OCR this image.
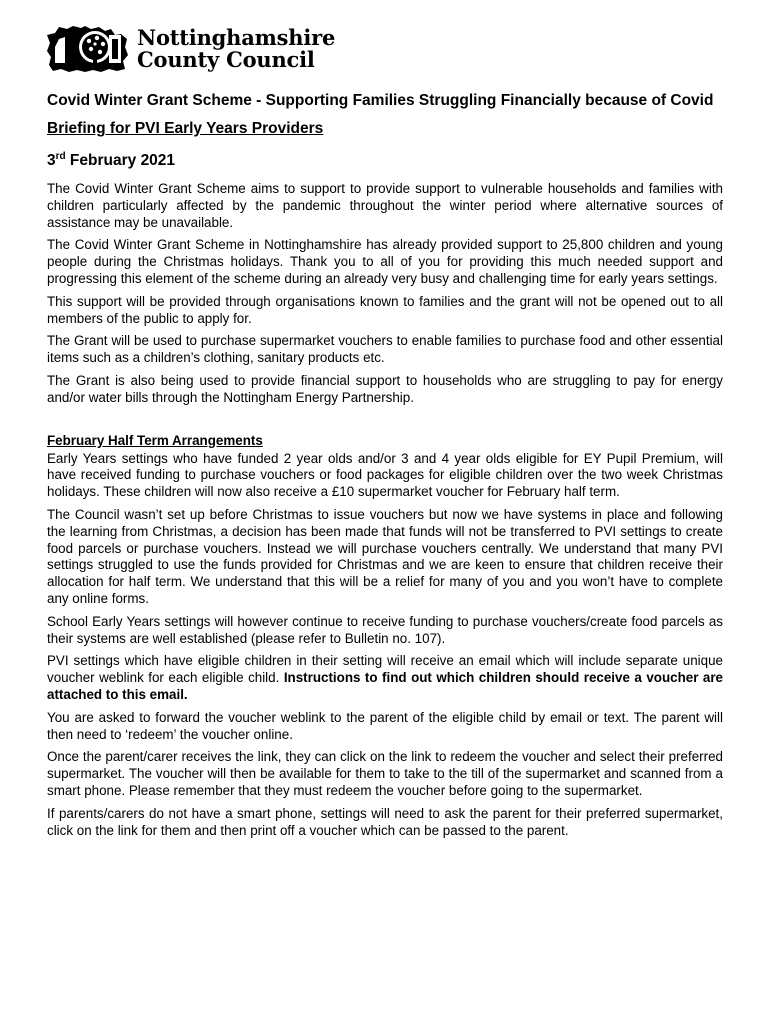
Nottinghamshire
County Council
Covid Winter Grant Scheme - Supporting Families Struggling Financially because of Covid
Briefing for PVI Early Years Providers
3rd February 2021

The Covid Winter Grant Scheme aims to support to provide support to vulnerable households and families with children particularly affected by the pandemic throughout the winter period where alternative sources of assistance may be unavailable.

The Covid Winter Grant Scheme in Nottinghamshire has already provided support to 25,800 children and young people during the Christmas holidays. Thank you to all of you for providing this much needed support and progressing this element of the scheme during an already very busy and challenging time for early years settings.

This support will be provided through organisations known to families and the grant will not be opened out to all members of the public to apply for.

The Grant will be used to purchase supermarket vouchers to enable families to purchase food and other essential items such as a children’s clothing, sanitary products etc.

The Grant is also being used to provide financial support to households who are struggling to pay for energy and/or water bills through the Nottingham Energy Partnership.

February Half Term Arrangements

Early Years settings who have funded 2 year olds and/or 3 and 4 year olds eligible for EY Pupil Premium, will have received funding to purchase vouchers or food packages for eligible children over the two week Christmas holidays. These children will now also receive a £10 supermarket voucher for February half term.

The Council wasn’t set up before Christmas to issue vouchers but now we have systems in place and following the learning from Christmas, a decision has been made that funds will not be transferred to PVI settings to create food parcels or purchase vouchers. Instead we will purchase vouchers centrally. We understand that many PVI settings struggled to use the funds provided for Christmas and we are keen to ensure that children receive their allocation for half term. We understand that this will be a relief for many of you and you won’t have to complete any online forms.

School Early Years settings will however continue to receive funding to purchase vouchers/create food parcels as their systems are well established (please refer to Bulletin no. 107).

PVI settings which have eligible children in their setting will receive an email which will include separate unique voucher weblink for each eligible child. Instructions to find out which children should receive a voucher are attached to this email.

You are asked to forward the voucher weblink to the parent of the eligible child by email or text. The parent will then need to ‘redeem’ the voucher online.

Once the parent/carer receives the link, they can click on the link to redeem the voucher and select their preferred supermarket. The voucher will then be available for them to take to the till of the supermarket and scanned from a smart phone. Please remember that they must redeem the voucher before going to the supermarket.

If parents/carers do not have a smart phone, settings will need to ask the parent for their preferred supermarket, click on the link for them and then print off a voucher which can be passed to the parent.
